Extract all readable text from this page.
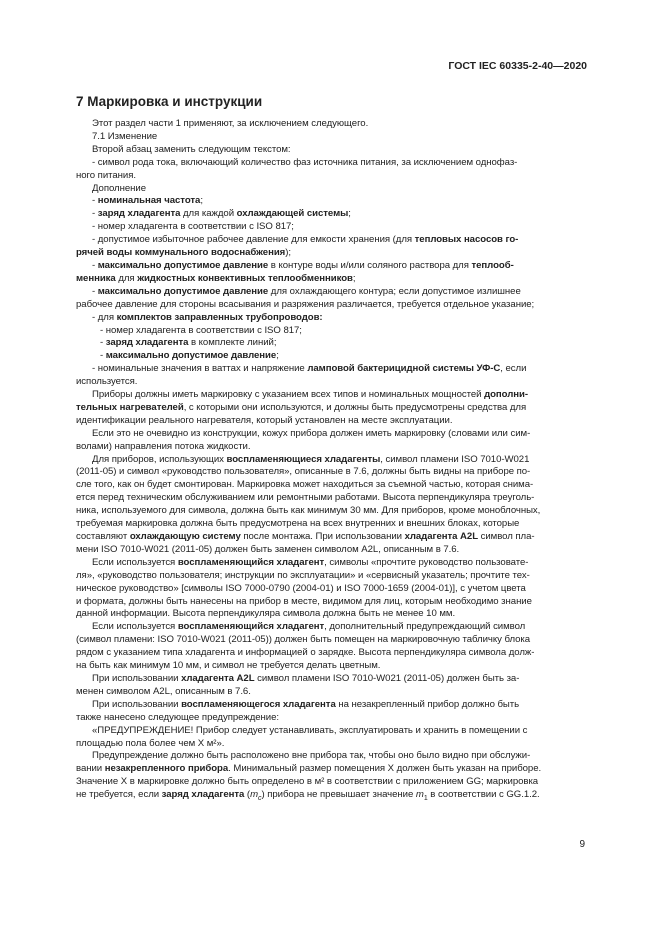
ГОСТ IEC 60335-2-40—2020
7 Маркировка и инструкции

Этот раздел части 1 применяют, за исключением следующего.

7.1 Изменение

Второй абзац заменить следующим текстом:

- символ рода тока, включающий количество фаз источника питания, за исключением однофаз-

ного питания.

Дополнение

- номинальная частота;

- заряд хладагента для каждой охлаждающей системы;

- номер хладагента в соответствии с ISO 817;

- допустимое избыточное рабочее давление для емкости хранения (для тепловых насосов го-

рячей воды коммунального водоснабжения);

- максимально допустимое давление в контуре воды и/или соляного раствора для теплооб-

менника для жидкостных конвективных теплообменников;

- максимально допустимое давление для охлаждающего контура; если допустимое излишнее

рабочее давление для стороны всасывания и разряжения различается, требуется отдельное указание;

- для комплектов заправленных трубопроводов:

- номер хладагента в соответствии с ISO 817;

- заряд хладагента в комплекте линий;

- максимально допустимое давление;

- номинальные значения в ваттах и напряжение ламповой бактерицидной системы УФ-С, если

используется.

Приборы должны иметь маркировку с указанием всех типов и номинальных мощностей дополни-

тельных нагревателей, с которыми они используются, и должны быть предусмотрены средства для

идентификации реального нагревателя, который установлен на месте эксплуатации.

Если это не очевидно из конструкции, кожух прибора должен иметь маркировку (словами или сим-

волами) направления потока жидкости.

Для приборов, использующих воспламеняющиеся хладагенты, символ пламени ISO 7010-W021

(2011-05) и символ «руководство пользователя», описанные в 7.6, должны быть видны на приборе по-

сле того, как он будет смонтирован. Маркировка может находиться за съемной частью, которая снима-

ется перед техническим обслуживанием или ремонтными работами. Высота перпендикуляра треуголь-

ника, используемого для символа, должна быть как минимум 30 мм. Для приборов, кроме моноблочных,

требуемая маркировка должна быть предусмотрена на всех внутренних и внешних блоках, которые

составляют охлаждающую систему после монтажа. При использовании хладагента A2L символ пла-

мени ISO 7010-W021 (2011-05) должен быть заменен символом A2L, описанным в 7.6.

Если используется воспламеняющийся хладагент, символы «прочтите руководство пользовате-

ля», «руководство пользователя; инструкции по эксплуатации» и «сервисный указатель; прочтите тех-

ническое руководство» [символы ISO 7000-0790 (2004-01) и ISO 7000-1659 (2004-01)], с учетом цвета

и формата, должны быть нанесены на прибор в месте, видимом для лиц, которым необходимо знание

данной информации. Высота перпендикуляра символа должна быть не менее 10 мм.

Если используется воспламеняющийся хладагент, дополнительный предупреждающий символ

(символ пламени: ISO 7010-W021 (2011-05)) должен быть помещен на маркировочную табличку блока

рядом с указанием типа хладагента и информацией о зарядке. Высота перпендикуляра символа долж-

на быть как минимум 10 мм, и символ не требуется делать цветным.

При использовании хладагента A2L символ пламени ISO 7010-W021 (2011-05) должен быть за-

менен символом A2L, описанным в 7.6.

При использовании воспламеняющегося хладагента на незакрепленный прибор должно быть

также нанесено следующее предупреждение:

«ПРЕДУПРЕЖДЕНИЕ! Прибор следует устанавливать, эксплуатировать и хранить в помещении с

площадью пола более чем X м²».

Предупреждение должно быть расположено вне прибора так, чтобы оно было видно при обслужи-

вании незакрепленного прибора. Минимальный размер помещения X должен быть указан на приборе.

Значение X в маркировке должно быть определено в м² в соответствии с приложением GG; маркировка

не требуется, если заряд хладагента $(m_c)$ прибора не превышает значение $m_1$ в соответствии с GG.1.2.

9
